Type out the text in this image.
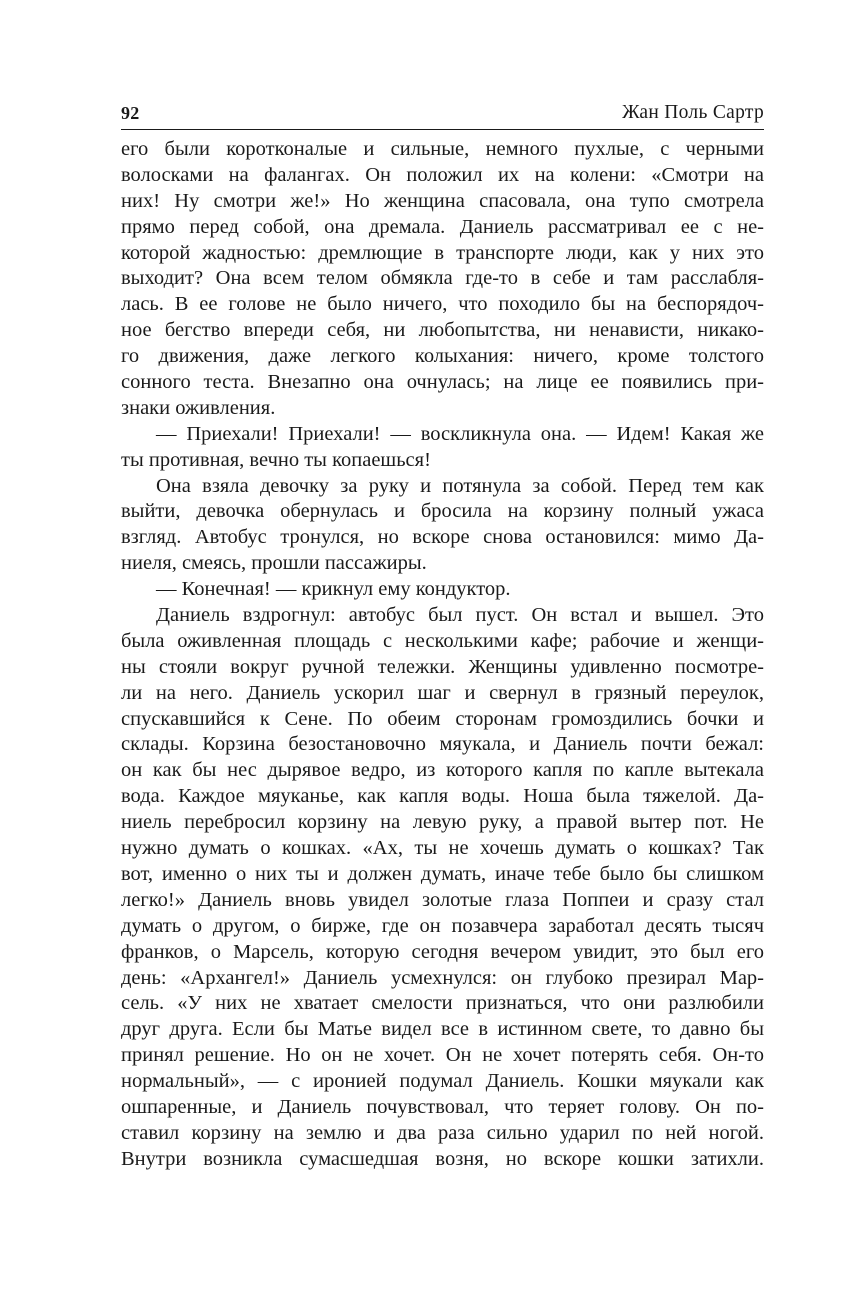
92	Жан Поль Сартр
его были коротконалые и сильные, немного пухлые, с черными
волосками на фалангах. Он положил их на колени: «Смотри на
них! Ну смотри же!» Но женщина спасовала, она тупо смотрела
прямо перед собой, она дремала. Даниель рассматривал ее с не-
которой жадностью: дремлющие в транспорте люди, как у них это
выходит? Она всем телом обмякла где-то в себе и там расслабля-
лась. В ее голове не было ничего, что походило бы на беспорядоч-
ное бегство впереди себя, ни любопытства, ни ненависти, никако-
го движения, даже легкого колыхания: ничего, кроме толстого
сонного теста. Внезапно она очнулась; на лице ее появились при-
знаки оживления.
— Приехали! Приехали! — воскликнула она. — Идем! Какая же
ты противная, вечно ты копаешься!
Она взяла девочку за руку и потянула за собой. Перед тем как
выйти, девочка обернулась и бросила на корзину полный ужаса
взгляд. Автобус тронулся, но вскоре снова остановился: мимо Да-
ниеля, смеясь, прошли пассажиры.
— Конечная! — крикнул ему кондуктор.
Даниель вздрогнул: автобус был пуст. Он встал и вышел. Это
была оживленная площадь с несколькими кафе; рабочие и женщи-
ны стояли вокруг ручной тележки. Женщины удивленно посмотре-
ли на него. Даниель ускорил шаг и свернул в грязный переулок,
спускавшийся к Сене. По обеим сторонам громоздились бочки и
склады. Корзина безостановочно мяукала, и Даниель почти бежал:
он как бы нес дырявое ведро, из которого капля по капле вытекала
вода. Каждое мяуканье, как капля воды. Ноша была тяжелой. Да-
ниель перебросил корзину на левую руку, а правой вытер пот. Не
нужно думать о кошках. «Ах, ты не хочешь думать о кошках? Так
вот, именно о них ты и должен думать, иначе тебе было бы слишком
легко!» Даниель вновь увидел золотые глаза Поппеи и сразу стал
думать о другом, о бирже, где он позавчера заработал десять тысяч
франков, о Марсель, которую сегодня вечером увидит, это был его
день: «Архангел!» Даниель усмехнулся: он глубоко презирал Мар-
сель. «У них не хватает смелости признаться, что они разлюбили
друг друга. Если бы Матье видел все в истинном свете, то давно бы
принял решение. Но он не хочет. Он не хочет потерять себя. Он-то
нормальный», — с иронией подумал Даниель. Кошки мяукали как
ошпаренные, и Даниель почувствовал, что теряет голову. Он по-
ставил корзину на землю и два раза сильно ударил по ней ногой.
Внутри возникла сумасшедшая возня, но вскоре кошки затихли.
